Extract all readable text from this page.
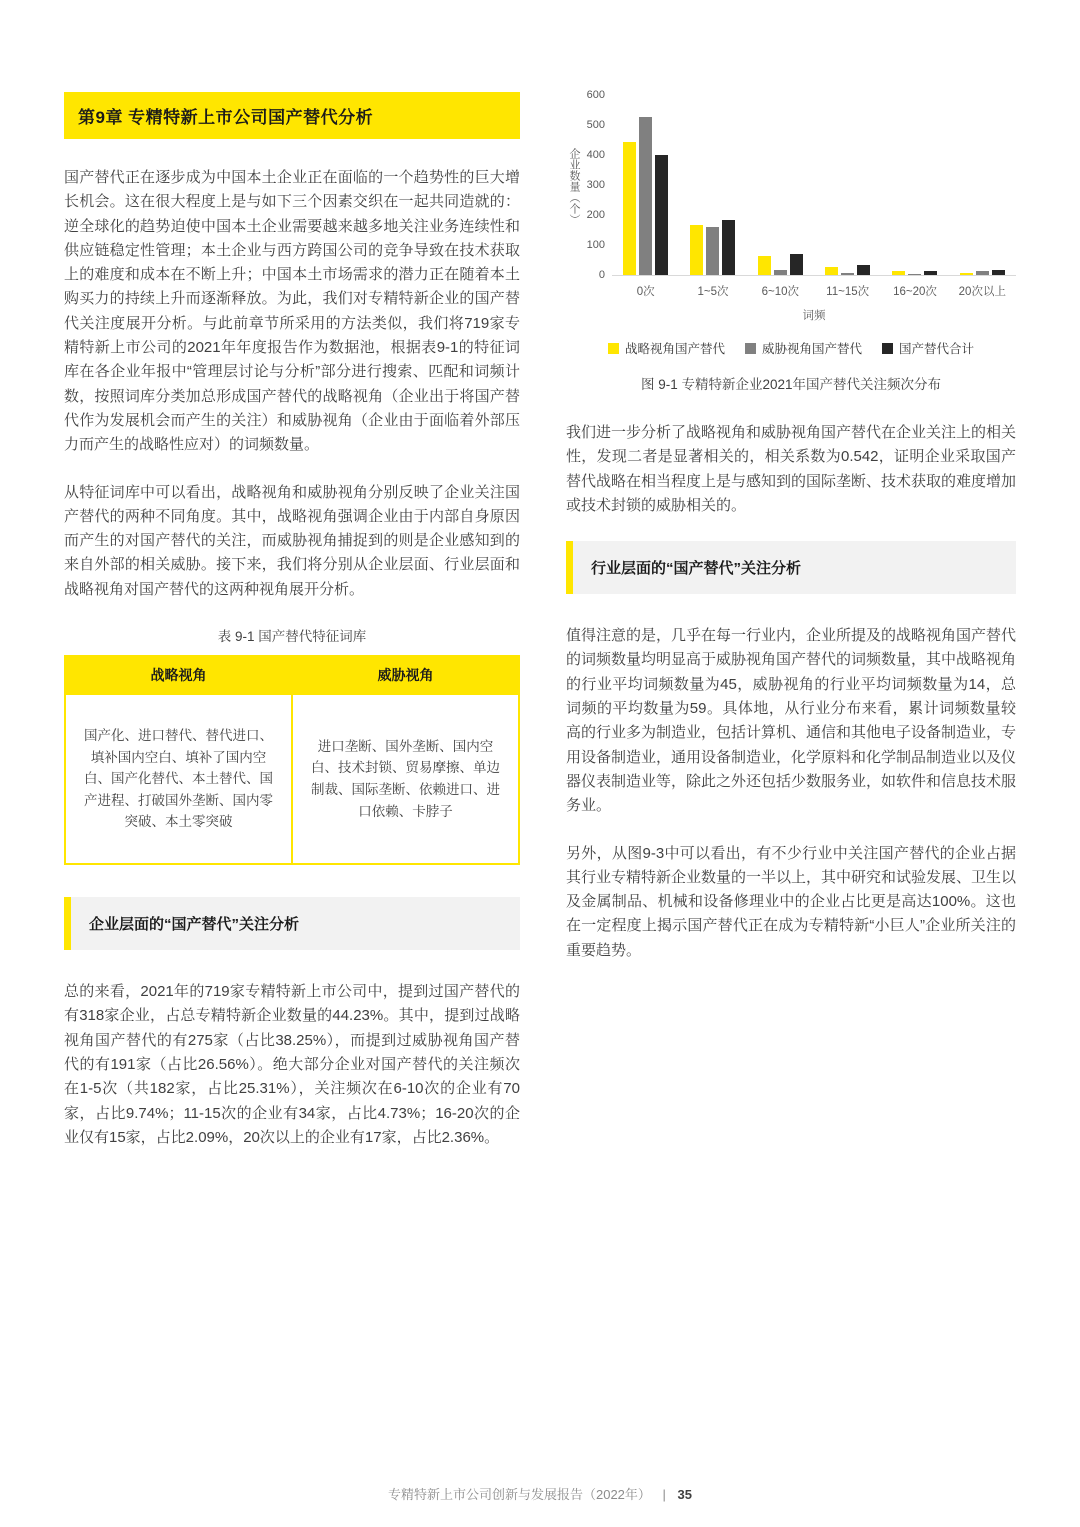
第9章 专精特新上市公司国产替代分析

国产替代正在逐步成为中国本土企业正在面临的一个趋势性的巨大增长机会。这在很大程度上是与如下三个因素交织在一起共同造就的：逆全球化的趋势迫使中国本土企业需要越来越多地关注业务连续性和供应链稳定性管理；本土企业与西方跨国公司的竞争导致在技术获取上的难度和成本在不断上升；中国本土市场需求的潜力正在随着本土购买力的持续上升而逐渐释放。为此，我们对专精特新企业的国产替代关注度展开分析。与此前章节所采用的方法类似，我们将719家专精特新上市公司的2021年年度报告作为数据池，根据表9-1的特征词库在各企业年报中“管理层讨论与分析”部分进行搜索、匹配和词频计数，按照词库分类加总形成国产替代的战略视角（企业出于将国产替代作为发展机会而产生的关注）和威胁视角（企业由于面临着外部压力而产生的战略性应对）的词频数量。

从特征词库中可以看出，战略视角和威胁视角分别反映了企业关注国产替代的两种不同角度。其中，战略视角强调企业由于内部自身原因而产生的对国产替代的关注，而威胁视角捕捉到的则是企业感知到的来自外部的相关威胁。接下来，我们将分别从企业层面、行业层面和战略视角对国产替代的这两种视角展开分析。

表 9-1 国产替代特征词库
战略视角	威胁视角
国产化、进口替代、替代进口、填补国内空白、填补了国内空白、国产化替代、本土替代、国产进程、打破国外垄断、国内零突破、本土零突破	进口垄断、国外垄断、国内空白、技术封锁、贸易摩擦、单边制裁、国际垄断、依赖进口、进口依赖、卡脖子
企业层面的“国产替代”关注分析

总的来看，2021年的719家专精特新上市公司中，提到过国产替代的有318家企业，占总专精特新企业数量的44.23%。其中，提到过战略视角国产替代的有275家（占比38.25%），而提到过威胁视角国产替代的有191家（占比26.56%）。绝大部分企业对国产替代的关注频次在1-5次（共182家，占比25.31%），关注频次在6-10次的企业有70家，占比9.74%；11-15次的企业有34家，占比4.73%；16-20次的企业仅有15家，占比2.09%，20次以上的企业有17家，占比2.36%。

企业数量（个）
0
100
200
300
400
500
600
0次	1~5次	6~10次	11~15次	16~20次	20次以上
词频
战略视角国产替代	威胁视角国产替代	国产替代合计
图 9-1 专精特新企业2021年国产替代关注频次分布

我们进一步分析了战略视角和威胁视角国产替代在企业关注上的相关性，发现二者是显著相关的，相关系数为0.542，证明企业采取国产替代战略在相当程度上是与感知到的国际垄断、技术获取的难度增加或技术封锁的威胁相关的。

行业层面的“国产替代”关注分析

值得注意的是，几乎在每一行业内，企业所提及的战略视角国产替代的词频数量均明显高于威胁视角国产替代的词频数量，其中战略视角的行业平均词频数量为45，威胁视角的行业平均词频数量为14，总词频的平均数量为59。具体地，从行业分布来看，累计词频数量较高的行业多为制造业，包括计算机、通信和其他电子设备制造业，专用设备制造业，通用设备制造业，化学原料和化学制品制造业以及仪器仪表制造业等，除此之外还包括少数服务业，如软件和信息技术服务业。

另外，从图9-3中可以看出，有不少行业中关注国产替代的企业占据其行业专精特新企业数量的一半以上，其中研究和试验发展、卫生以及金属制品、机械和设备修理业中的企业占比更是高达100%。这也在一定程度上揭示国产替代正在成为专精特新“小巨人”企业所关注的重要趋势。

专精特新上市公司创新与发展报告（2022年） | 35
